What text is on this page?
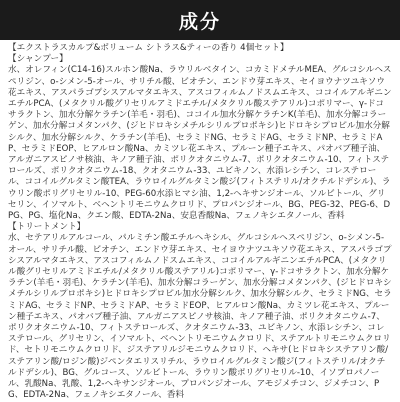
成分
【エクストラスカルプ&ボリューム シトラス&ティーの香り 4個セット】
【シャンプー】
水、オレフィン(C14-16)スルホン酸Na、ラウリルベタイン、コカミドメチルMEA、グルコシルヘスペリジン、o-シメン-5-オール、サリチル酸、ビオチン、エンドウ芽エキス、セイヨウナツユキソウ花エキス、アスパラゴプシスアルマタエキス、アスコフィルムノドスムエキス、ココイルアルギニンエチルPCA、(メタクリル酸グリセリルアミドエチル/メタクリル酸ステアリル)コポリマー、γ-ドコサラクトン、加水分解ケラチン(羊毛・羽毛)、ココイル加水分解ケラチンK(羊毛)、加水分解コラーゲン、加水分解コメタンパク、(ジヒドロキシメチルシリルプロポキシ)ヒドロキシプロピル加水分解シルク、加水分解シルク、ケラチン(羊毛)、セラミドNG、セラミドAG、セラミドNP、セラミドAP、セラミドEOP、ヒアルロン酸Na、カミツレ花エキス、プルーン種子エキス、パオバブ種子油、アルガニアスピノサ核油、キノア種子油、ポリクオタニウム-7、ポリクオタニウム-10、フィトステロールズ、ポリクオタニウム-18、クオタニウム-33、ユビキノン、水添レシチン、コレステロール、ココイルグルタミン酸TEA、ラウロイルグルタミン酸ジ(フィトステリル/オクチルドデシル)、ラウリン酸ポリグリセリル-10、PEG-60水添ヒマシ油、1,2-ヘキサンジオール、ソルビトール、グリセリン、イソマルト、ベヘントリモニウムクロリド、プロパンジオール、BG、PEG-32、PEG-6、DPG、PG、塩化Na、クエン酸、EDTA-2Na、安息香酸Na、フェノキシエタノール、香料
【トリートメント】
水、セテアリルアルコール、パルミチン酸エチルヘキシル、グルコシルヘスペリジン、o-シメン-5-オール、サリチル酸、ビオチン、エンドウ芽エキス、セイヨウナツユキソウ花エキス、アスパラゴプシスアルマタエキス、アスコフィルムノドスムエキス、ココイルアルギニンエチルPCA、(メタクリル酸グリセリルアミドエチル/メタクリル酸ステアリル)コポリマー、γ-ドコサラクトン、加水分解ケラチン(羊毛・羽毛)、ケラチン(羊毛)、加水分解コラーゲン、加水分解コメタンパク、(ジヒドロキシメチルシリルプロポキシ)ヒドロキシプロピル加水分解シルク、加水分解シルク、セラミドNG、セラミドAG、セラミドNP、セラミドAP、セラミドEOP、ヒアルロン酸Na、カミツレ花エキス、プルーン種子エキス、パオバブ種子油、アルガニアスピノサ核油、キノア種子油、ポリクオタニウム-7、ポリクオタニウム-10、フィトステロールズ、クオタニウム-33、ユビキノン、水添レシチン、コレステロール、グリセリン、イソマルト、ベヘントリモニウムクロリド、ステアルトリモニウムクロリド、セトリモニウムクロリド、ジステアリルジモニウムクロリド、ヘキサ(ヒドロキシステアリン酸/ステアリン酸/ロジン酸)ジペンタエリスリチル、ラウロイルグルタミン酸ジ(フィトステリル/オクチルドデシル)、BG、グルコース、ソルビトール、ラウリン酸ポリグリセリル-10、イソプロパノール、乳酸Na、乳酸、1,2-ヘキサンジオール、プロパンジオール、アモジメチコン、ジメチコン、PG、EDTA-2Na、フェノキシエタノール、香料
